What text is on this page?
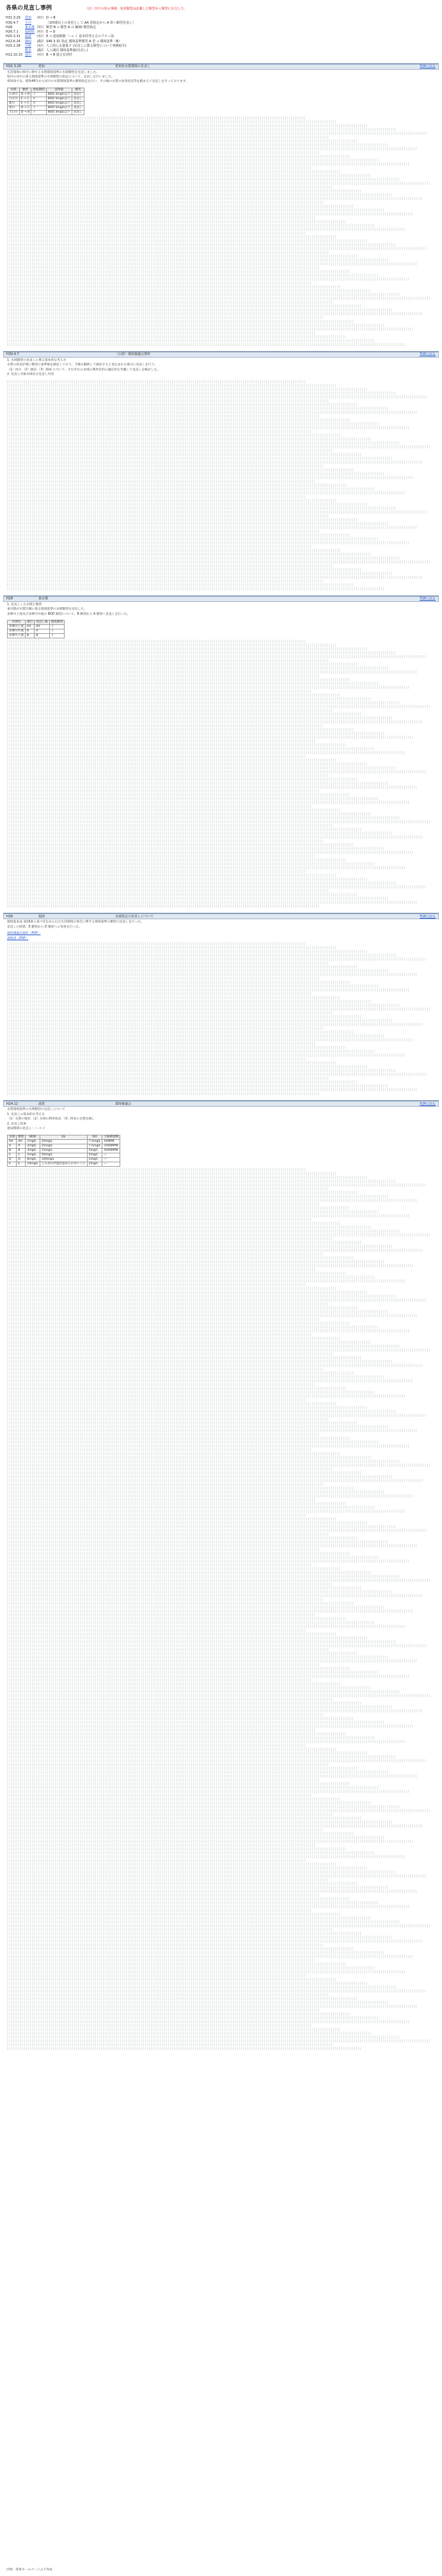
各県の見直し事例	（注）ＨＰの県の事例。変更類型は記載した類型から類型に区分した。
H31.3.29	愛知	河川	D → B
H30.4.7	小川		（1時間以上の変更として AA 県指定から A 県へ類型見直し）
H28	東京都	河川	類型 B → 類型 A の BOD 類型指定
H26.7.1	福岡県	河川	E → D
H25.3.31	滋賀	河川	E → 達成期間 ハ → イ 基本的考え方のフロー図
H22.6.24	静岡	湖沼	S46.3.31 指定 環境基準類型 A 型 → 環境基準（B）
H15.2.28	兵庫	河川	人工的に水量低下 (見直しに係る類型について事例紹介)
	熊本	湖沼	人工湖沼 環境基準値(見直し)
H12.10.15	富山	河川	B → B 提言有効性
H31.3.29	愛知	愛知県水質環境の見直し	TOPに戻る

生活環境の保全に関する水質環境基準の水域類型を見直しました。

県内の河川に係る環境基準の水域類型の指定について、見直しを行いました。

愛知県では、昭和46年から河川の水質環境基準の類型指定を行い、その後の水質の改善状況等を踏まえて見直しを行っております。

水域	類型	達成期間	基準値	備考
五条川	D → B	イ	BOD 3mg/L以下	見直し
日光川	E → C	ロ	BOD 5mg/L以下	見直し
新川	E → C	ロ	BOD 5mg/L以下	見直し
境川	D → C	イ	BOD 5mg/L以下	見直し
天白川	D → B	イ	BOD 3mg/L以下	見直し
H30.4.7	（公財）環境審議会資料	TOPに戻る

1. 水域類型の見直しに係る基本的な考え方

水質の状況が現に類型の基準値を満足しており、今後も継続して満足すると見込まれる場合に見直しを行う。

（1）河川 （2）湖沼 （3）海域 について、それぞれの水域の利用目的の適応性を考慮して見直しを検討した。

2. 見直し対象水域及び見直し内容

H28	東京都	TOPに戻る

1. 見直しした水域と類型

東京都が水質汚濁に係る環境基準の水域類型を見直した。

多摩川上流及び多摩川中流の BOD 類型について、B 類型から A 類型へ見直しを行った。

水域名	現行	見直し後	達成期間
多摩川上流	AA	AA	イ
多摩川中流	B	A	イ
多摩川下流	B	B	イ
H26	福岡	水域指定の見直しについて	TOPに戻る

環境基本法 第16条に基づき定められた生活環境の保全に関する環境基準の類型の見直しを行った。

見直しの結果、E 類型から D 類型への変更を行った。

環境審議会資料（PDF）
諮問書（PDF）
H24.12	滋賀	環境審議会	TOPに戻る

水質環境基準の水域類型の見直しについて

1. 見直しの基本的な考え方

（1）水質の現状 （2）水域の利用状況 （3）将来の水質見通し

2. 見直し結果

達成期間の見直し：ハ → イ

水域	類型	BOD	SS	DO	大腸菌群数
AA	AA	1mg/L	25mg/L	7.5mg/L	50MPN
A	A	2mg/L	25mg/L	7.5mg/L	1000MPN
B	B	3mg/L	25mg/L	5mg/L	5000MPN
C	C	5mg/L	50mg/L	5mg/L	—
D	D	8mg/L	100mg/L	2mg/L	—
E	E	10mg/L	ごみ等の浮遊が認められないこと	2mg/L	—
出典：各県ホームページより作成
